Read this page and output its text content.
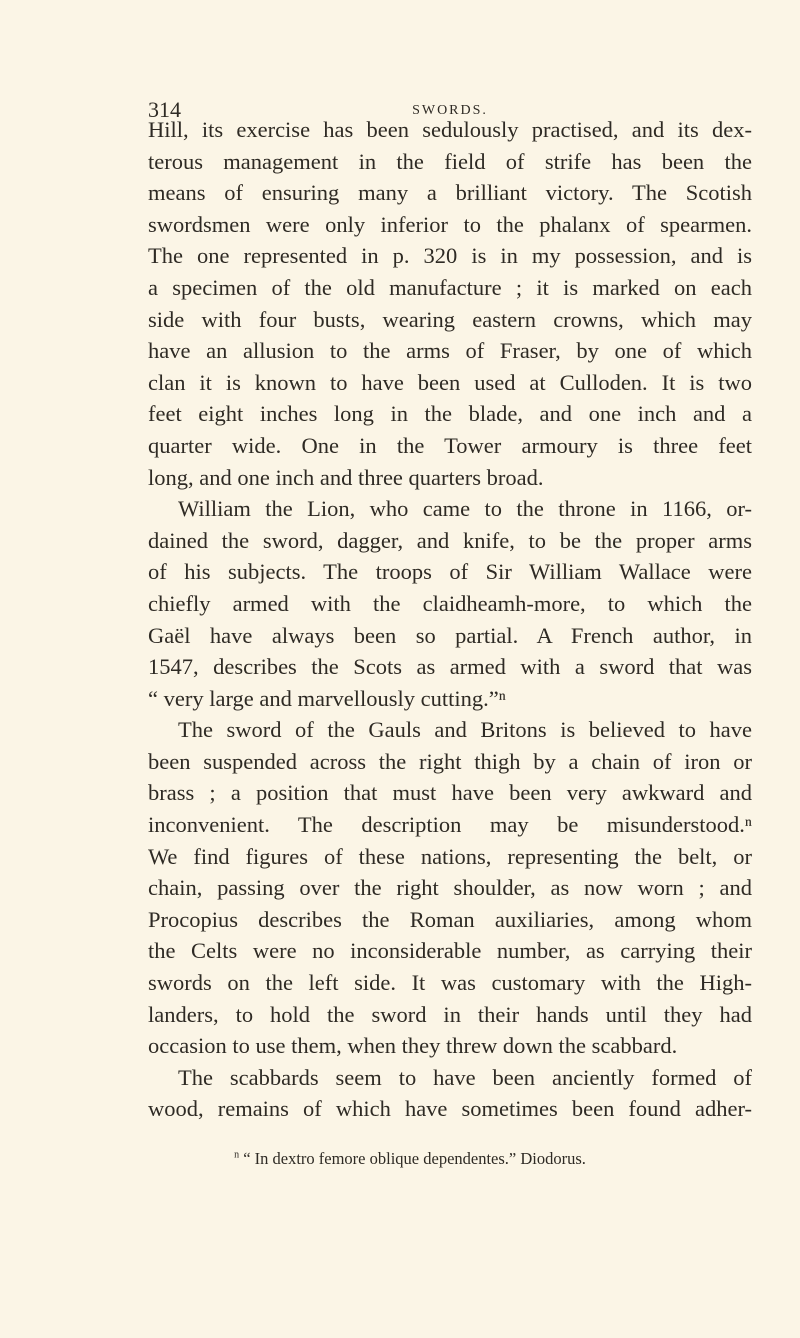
314	SWORDS.
Hill, its exercise has been sedulously practised, and its dex-
terous management in the field of strife has been the
means of ensuring many a brilliant victory. The Scotish
swordsmen were only inferior to the phalanx of spearmen.
The one represented in p. 320 is in my possession, and is
a specimen of the old manufacture ; it is marked on each
side with four busts, wearing eastern crowns, which may
have an allusion to the arms of Fraser, by one of which
clan it is known to have been used at Culloden. It is two
feet eight inches long in the blade, and one inch and a
quarter wide. One in the Tower armoury is three feet
long, and one inch and three quarters broad.
William the Lion, who came to the throne in 1166, or-
dained the sword, dagger, and knife, to be the proper arms
of his subjects. The troops of Sir William Wallace were
chiefly armed with the claidheamh-more, to which the
Gaël have always been so partial. A French author, in
1547, describes the Scots as armed with a sword that was
“ very large and marvellously cutting.”ⁿ
The sword of the Gauls and Britons is believed to have
been suspended across the right thigh by a chain of iron or
brass ; a position that must have been very awkward and
inconvenient. The description may be misunderstood.ⁿ
We find figures of these nations, representing the belt, or
chain, passing over the right shoulder, as now worn ; and
Procopius describes the Roman auxiliaries, among whom
the Celts were no inconsiderable number, as carrying their
swords on the left side. It was customary with the High-
landers, to hold the sword in their hands until they had
occasion to use them, when they threw down the scabbard.
The scabbards seem to have been anciently formed of
wood, remains of which have sometimes been found adher-
$^n$ “ In dextro femore oblique dependentes.” Diodorus.
